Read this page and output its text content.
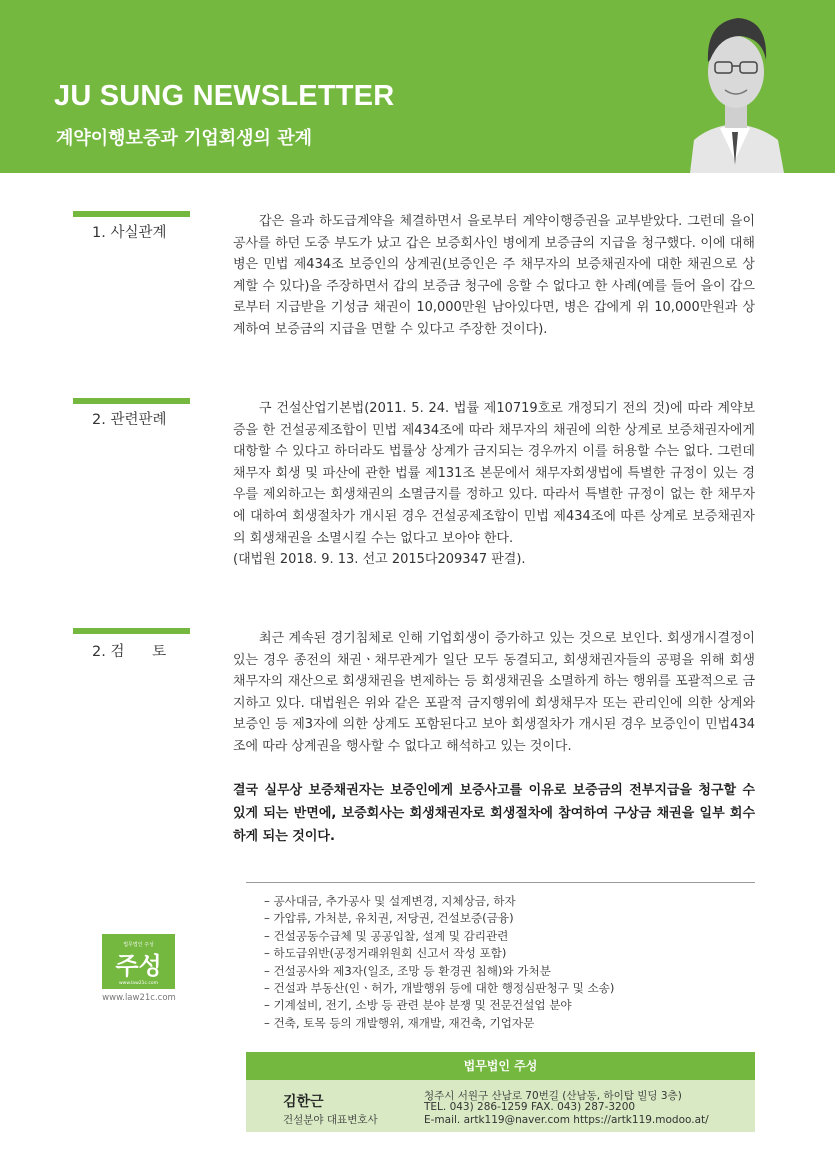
JU SUNG NEWSLETTER
계약이행보증과 기업회생의 관계
1. 사실관계

갑은 을과 하도급계약을 체결하면서 을로부터 계약이행증권을 교부받았다. 그런데 을이 공사를 하던 도중 부도가 났고 갑은 보증회사인 병에게 보증금의 지급을 청구했다. 이에 대해 병은 민법 제434조 보증인의 상계권(보증인은 주 채무자의 보증채권자에 대한 채권으로 상계할 수 있다)을 주장하면서 갑의 보증금 청구에 응할 수 없다고 한 사례(예를 들어 을이 갑으로부터 지급받을 기성금 채권이 10,000만원 남아있다면, 병은 갑에게 위 10,000만원과 상계하여 보증금의 지급을 면할 수 있다고 주장한 것이다).

2. 관련판례

구 건설산업기본법(2011. 5. 24. 법률 제10719호로 개정되기 전의 것)에 따라 계약보증을 한 건설공제조합이 민법 제434조에 따라 채무자의 채권에 의한 상계로 보증채권자에게 대항할 수 있다고 하더라도 법률상 상계가 금지되는 경우까지 이를 허용할 수는 없다. 그런데 채무자 회생 및 파산에 관한 법률 제131조 본문에서 채무자회생법에 특별한 규정이 있는 경우를 제외하고는 회생채권의 소멸금지를 정하고 있다. 따라서 특별한 규정이 없는 한 채무자에 대하여 회생절차가 개시된 경우 건설공제조합이 민법 제434조에 따른 상계로 보증채권자의 회생채권을 소멸시킬 수는 없다고 보아야 한다.

(대법원 2018. 9. 13. 선고 2015다209347 판결).

2. 검      토

최근 계속된 경기침체로 인해 기업회생이 증가하고 있는 것으로 보인다. 회생개시결정이 있는 경우 종전의 채권ㆍ채무관계가 일단 모두 동결되고, 회생채권자들의 공평을 위해 회생채무자의 재산으로 회생채권을 변제하는 등 회생채권을 소멸하게 하는 행위를 포괄적으로 금지하고 있다. 대법원은 위와 같은 포괄적 금지행위에 회생채무자 또는 관리인에 의한 상계와 보증인 등 제3자에 의한 상계도 포함된다고 보아 회생절차가 개시된 경우 보증인이 민법434조에 따라 상계권을 행사할 수 없다고 해석하고 있는 것이다.

결국 실무상 보증채권자는 보증인에게 보증사고를 이유로 보증금의 전부지급을 청구할 수 있게 되는 반면에, 보증회사는 회생채권자로 회생절차에 참여하여 구상금 채권을 일부 회수하게 되는 것이다.
법무법인 주성
주성
www.law21c.com
www.law21c.com
– 공사대금, 추가공사 및 설계변경, 지체상금, 하자
– 가압류, 가처분, 유치권, 저당권, 건설보증(금융)
– 건설공동수급체 및 공공입찰, 설계 및 감리관련
– 하도급위반(공정거래위원회 신고서 작성 포함)
– 건설공사와 제3자(일조, 조망 등 환경권 침해)와 가처분
– 건설과 부동산(인ㆍ허가, 개발행위 등에 대한 행정심판청구 및 소송)
– 기계설비, 전기, 소방 등 관련 분야 분쟁 및 전문건설업 분야
– 건축, 토목 등의 개발행위, 재개발, 재건축, 기업자문
법무법인 주성
김한근
건설분야 대표변호사
청주시 서원구 산남로 70번길 (산남동, 하이탑 빌딩 3층)
TEL. 043) 286-1259 FAX. 043) 287-3200
E-mail. artk119@naver.com https://artk119.modoo.at/
